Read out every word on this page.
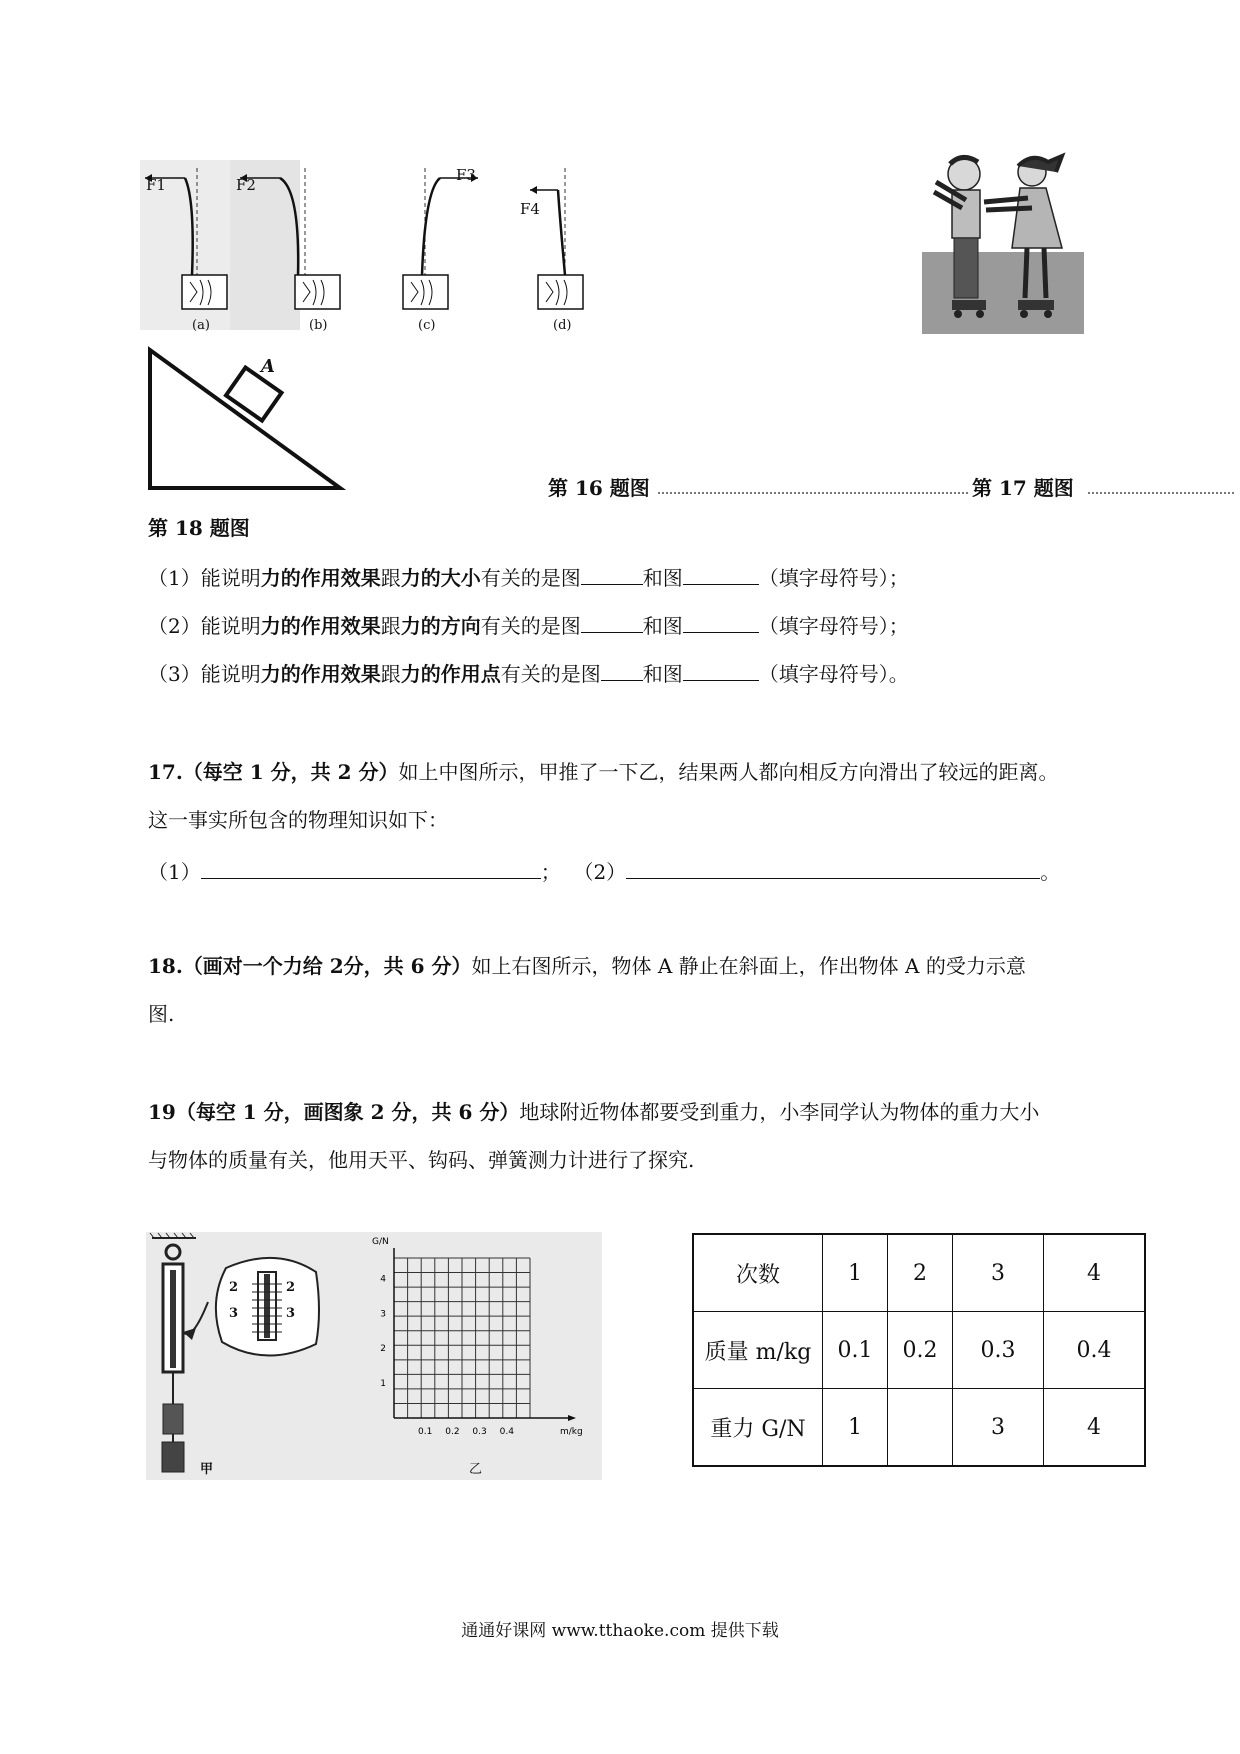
F1	F2
F3
F4
(a)	(b)	(c)	(d)
A
第 16 题图	第 17 题图
第 18 题图
（1）能说明力的作用效果跟力的大小有关的是图	和图	（填字母符号）；
（2）能说明力的作用效果跟力的方向有关的是图	和图	（填字母符号）；
（3）能说明力的作用效果跟力的作用点有关的是图 和图	（填字母符号）。
17.（每空 1 分，共 2 分）如上中图所示，甲推了一下乙，结果两人都向相反方向滑出了较远的距离。
这一事实所包含的物理知识如下：
（1）	； （2）	。
18.（画对一个力给 2分，共 6 分）如上右图所示，物体 A 静止在斜面上，作出物体 A 的受力示意
图.
19（每空 1 分，画图象 2 分，共 6 分）地球附近物体都要受到重力，小李同学认为物体的重力大小
与物体的质量有关，他用天平、钩码、弹簧测力计进行了探究.
2	2
3	3
甲	乙
0.1 0.2 0.3 0.4
1
2
3
4
m/kg
G/N
次数	1	2	3	4
质量 m/kg	0.1	0.2	0.3	0.4
重力 G/N	1		3	4
通通好课网 www.tthaoke.com 提供下载
